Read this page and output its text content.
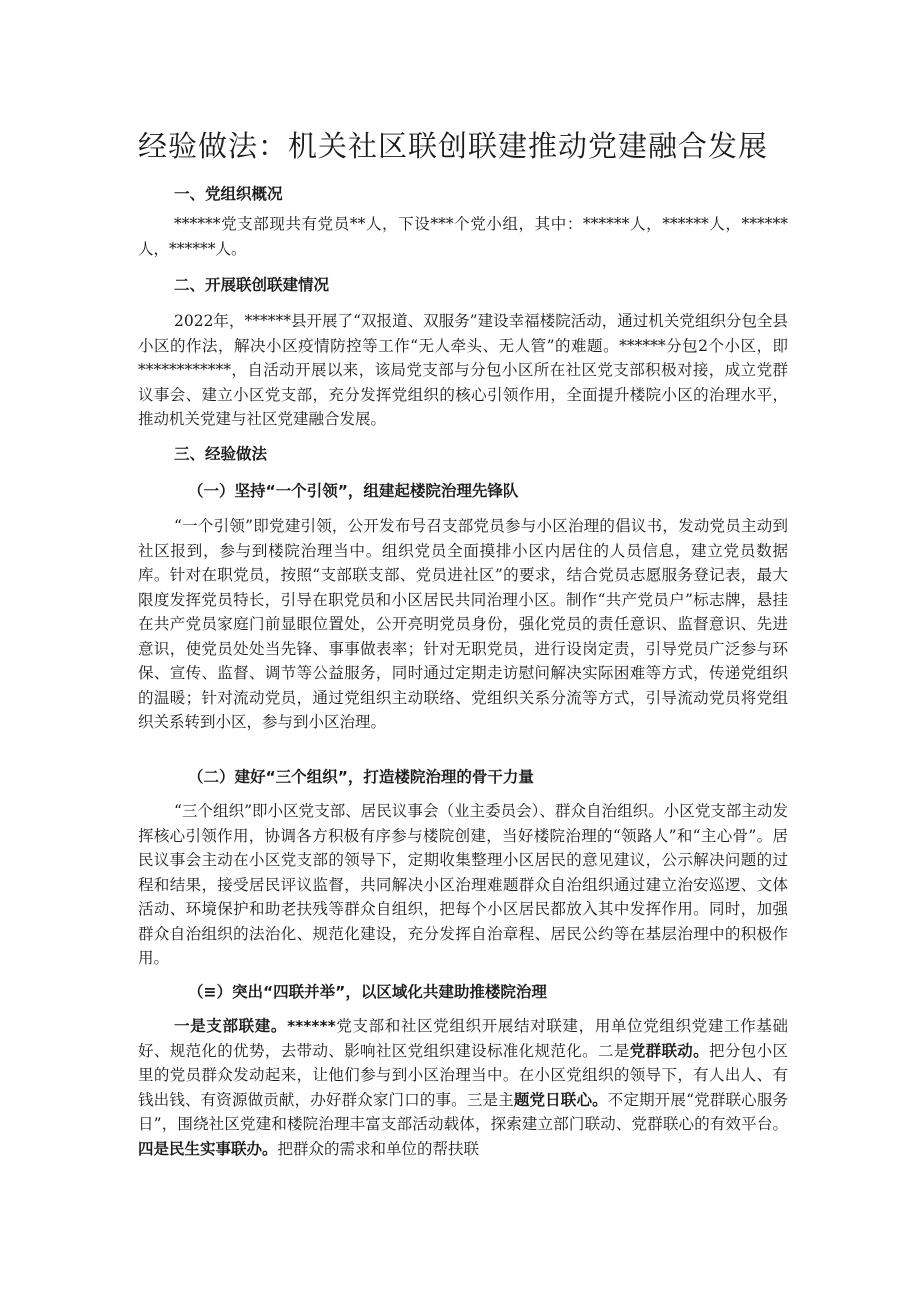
经验做法：机关社区联创联建推动党建融合发展
一、党组织概况

******党支部现共有党员**人，下设***个党小组，其中：******人，******人，******人，******人。

二、开展联创联建情况

2022年，******县开展了“双报道、双服务”建设幸福楼院活动，通过机关党组织分包全县小区的作法，解决小区疫情防控等工作“无人牵头、无人管”的难题。******分包2个小区，即************，自活动开展以来，该局党支部与分包小区所在社区党支部积极对接，成立党群议事会、建立小区党支部，充分发挥党组织的核心引领作用，全面提升楼院小区的治理水平，推动机关党建与社区党建融合发展。

三、经验做法
（一）坚持“一个引领”，组建起楼院治理先锋队

“一个引领”即党建引领，公开发布号召支部党员参与小区治理的倡议书，发动党员主动到社区报到，参与到楼院治理当中。组织党员全面摸排小区内居住的人员信息，建立党员数据库。针对在职党员，按照“支部联支部、党员进社区”的要求，结合党员志愿服务登记表，最大限度发挥党员特长，引导在职党员和小区居民共同治理小区。制作“共产党员户”标志牌，悬挂在共产党员家庭门前显眼位置处，公开亮明党员身份，强化党员的责任意识、监督意识、先进意识，使党员处处当先锋、事事做表率；针对无职党员，进行设岗定责，引导党员广泛参与环保、宣传、监督、调节等公益服务，同时通过定期走访慰问解决实际困难等方式，传递党组织的温暖；针对流动党员，通过党组织主动联络、党组织关系分流等方式，引导流动党员将党组织关系转到小区，参与到小区治理。

（二）建好“三个组织”，打造楼院治理的骨干力量

“三个组织”即小区党支部、居民议事会（业主委员会）、群众自治组织。小区党支部主动发挥核心引领作用，协调各方积极有序参与楼院创建，当好楼院治理的“领路人”和“主心骨”。居民议事会主动在小区党支部的领导下，定期收集整理小区居民的意见建议，公示解决问题的过程和结果，接受居民评议监督，共同解决小区治理难题群众自治组织通过建立治安巡逻、文体活动、环境保护和助老扶残等群众自组织，把每个小区居民都放入其中发挥作用。同时，加强群众自治组织的法治化、规范化建设，充分发挥自治章程、居民公约等在基层治理中的积极作用。

（≡）突出“四联并举”，以区域化共建助推楼院治理

一是支部联建。******党支部和社区党组织开展结对联建，用单位党组织党建工作基础好、规范化的优势，去带动、影响社区党组织建设标准化规范化。二是党群联动。把分包小区里的党员群众发动起来，让他们参与到小区治理当中。在小区党组织的领导下，有人出人、有钱出钱、有资源做贡献，办好群众家门口的事。三是主题党日联心。不定期开展“党群联心服务日”，围绕社区党建和楼院治理丰富支部活动载体，探索建立部门联动、党群联心的有效平台。四是民生实事联办。把群众的需求和单位的帮扶联
